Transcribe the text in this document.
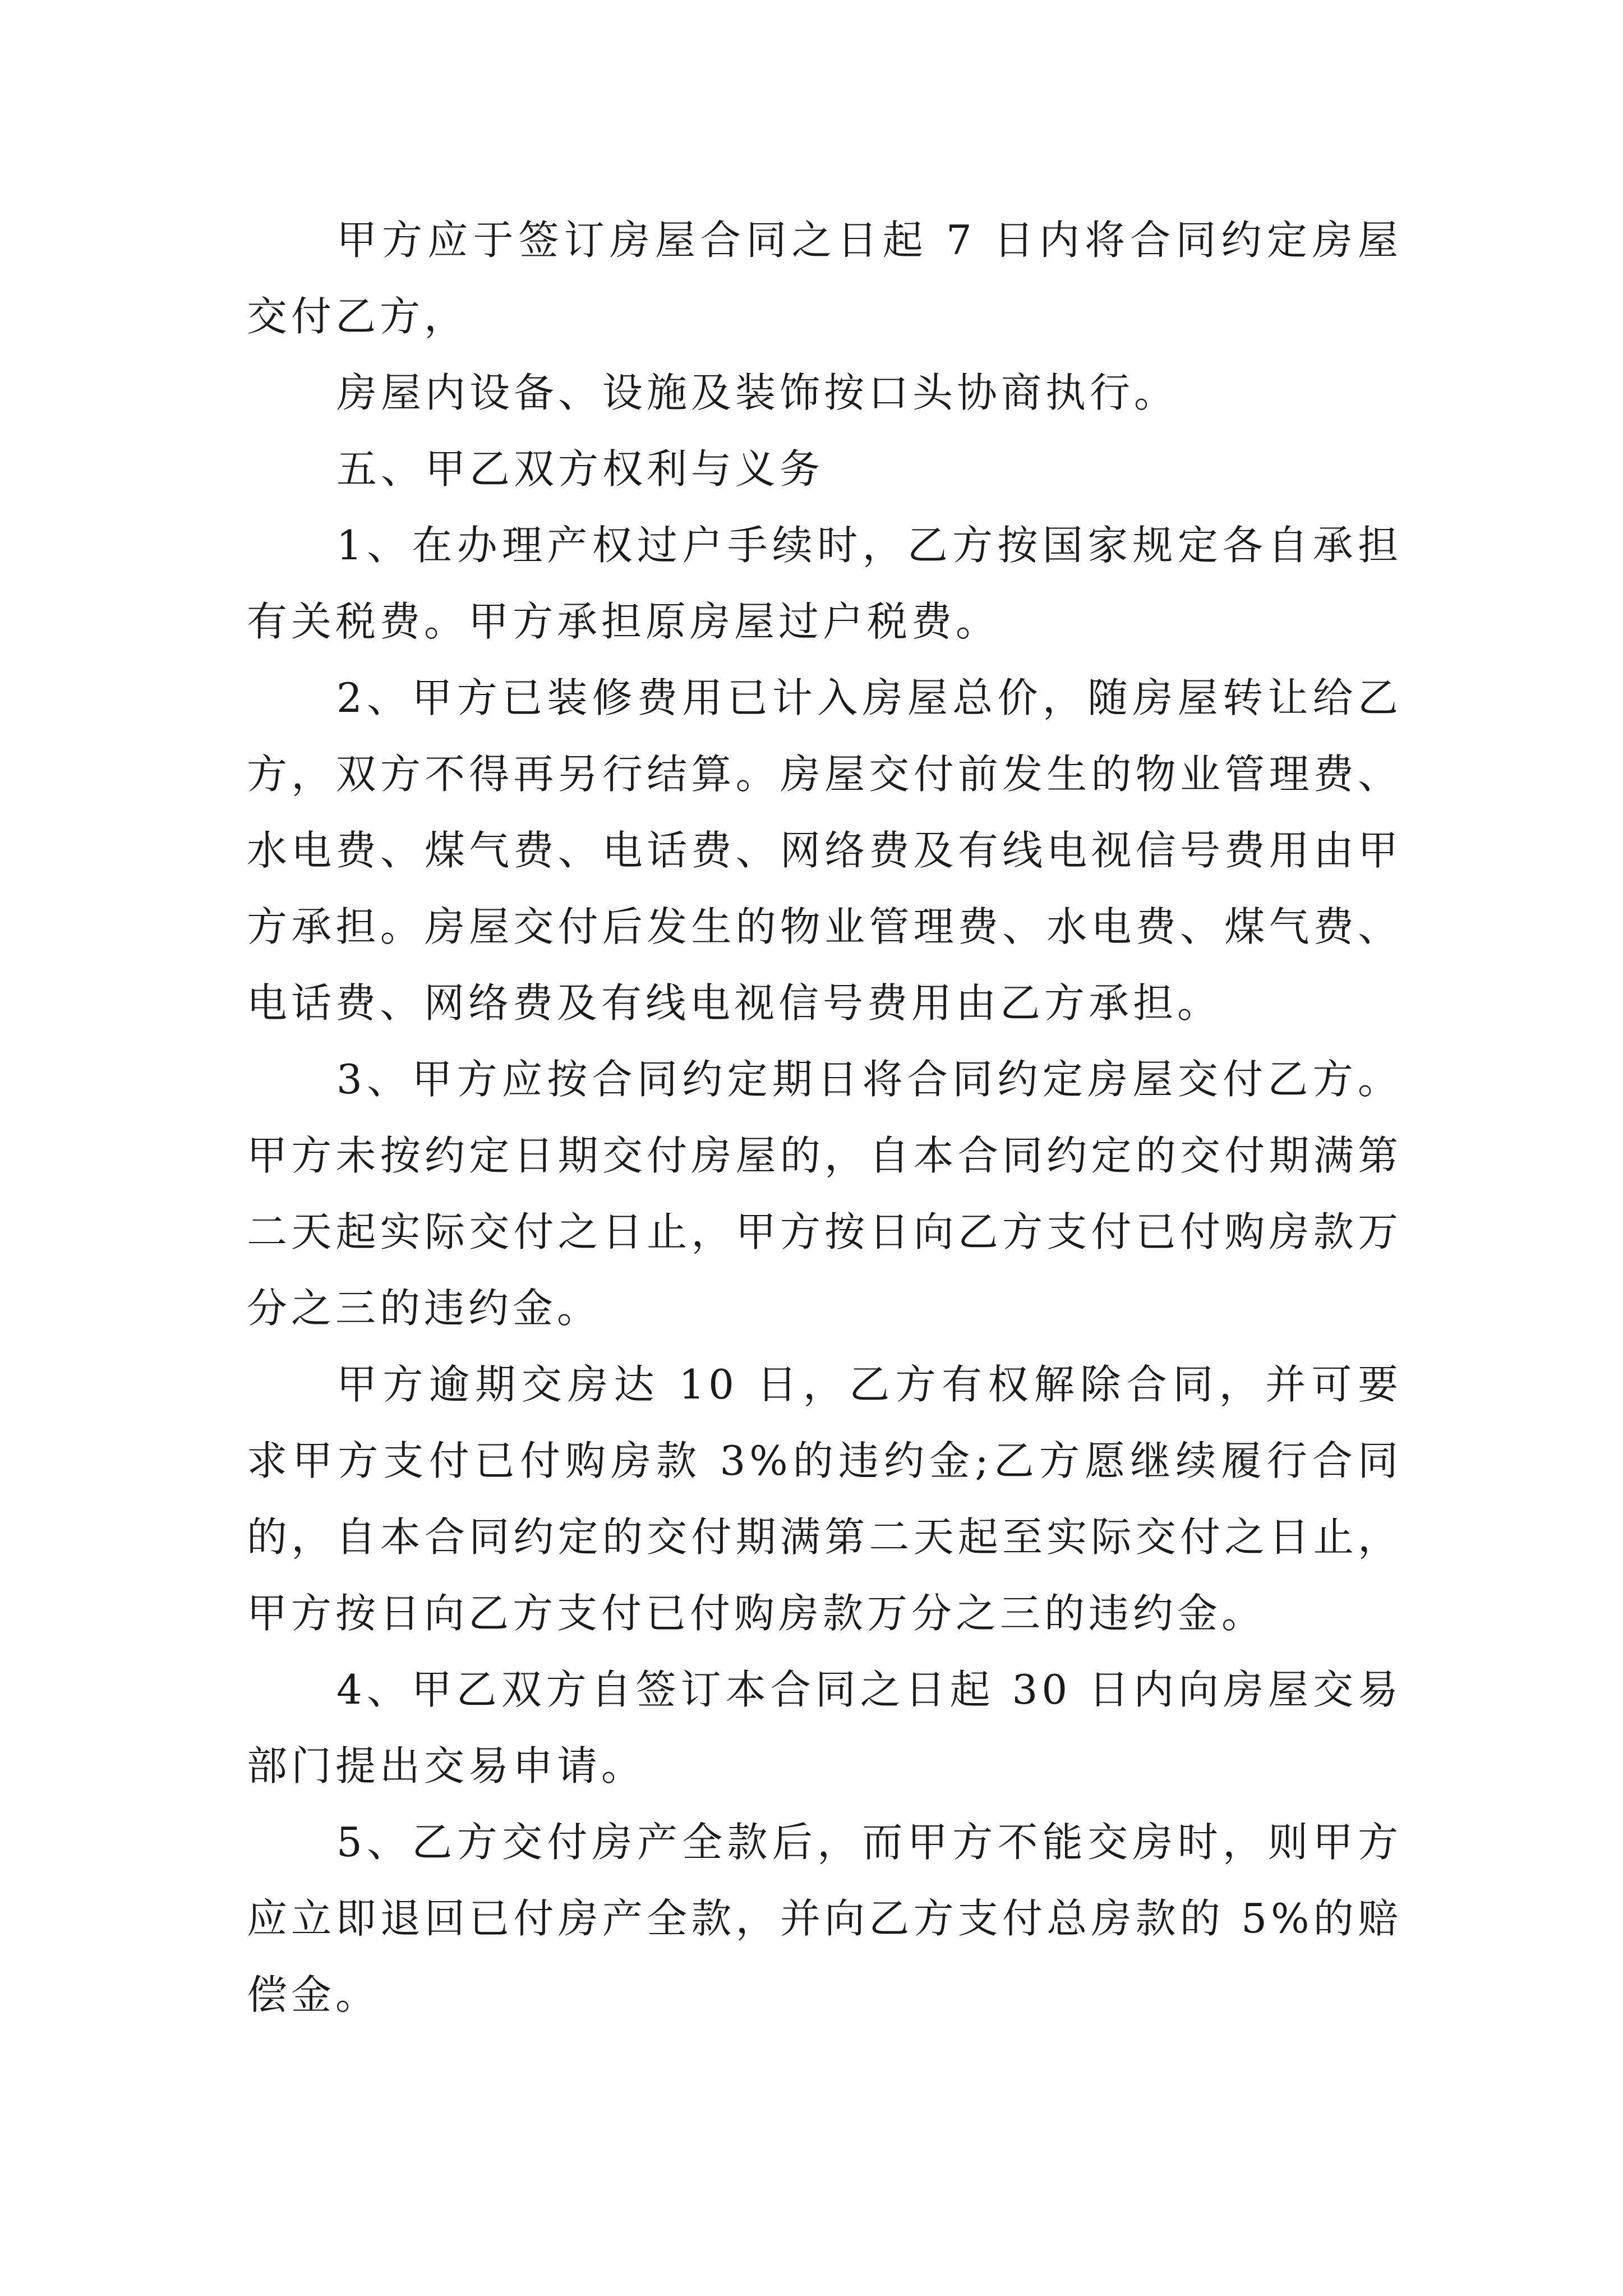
甲方应于签订房屋合同之日起 7 日内将合同约定房屋交付乙方，

房屋内设备、设施及装饰按口头协商执行。

五、甲乙双方权利与义务

1、在办理产权过户手续时，乙方按国家规定各自承担有关税费。甲方承担原房屋过户税费。

2、甲方已装修费用已计入房屋总价，随房屋转让给乙方，双方不得再另行结算。房屋交付前发生的物业管理费、水电费、煤气费、电话费、网络费及有线电视信号费用由甲方承担。房屋交付后发生的物业管理费、水电费、煤气费、电话费、网络费及有线电视信号费用由乙方承担。

3、甲方应按合同约定期日将合同约定房屋交付乙方。甲方未按约定日期交付房屋的，自本合同约定的交付期满第二天起实际交付之日止，甲方按日向乙方支付已付购房款万分之三的违约金。

甲方逾期交房达 10 日，乙方有权解除合同，并可要求甲方支付已付购房款 3%的违约金;乙方愿继续履行合同的，自本合同约定的交付期满第二天起至实际交付之日止，甲方按日向乙方支付已付购房款万分之三的违约金。

4、甲乙双方自签订本合同之日起 30 日内向房屋交易部门提出交易申请。

5、乙方交付房产全款后，而甲方不能交房时，则甲方应立即退回已付房产全款，并向乙方支付总房款的 5%的赔偿金。
